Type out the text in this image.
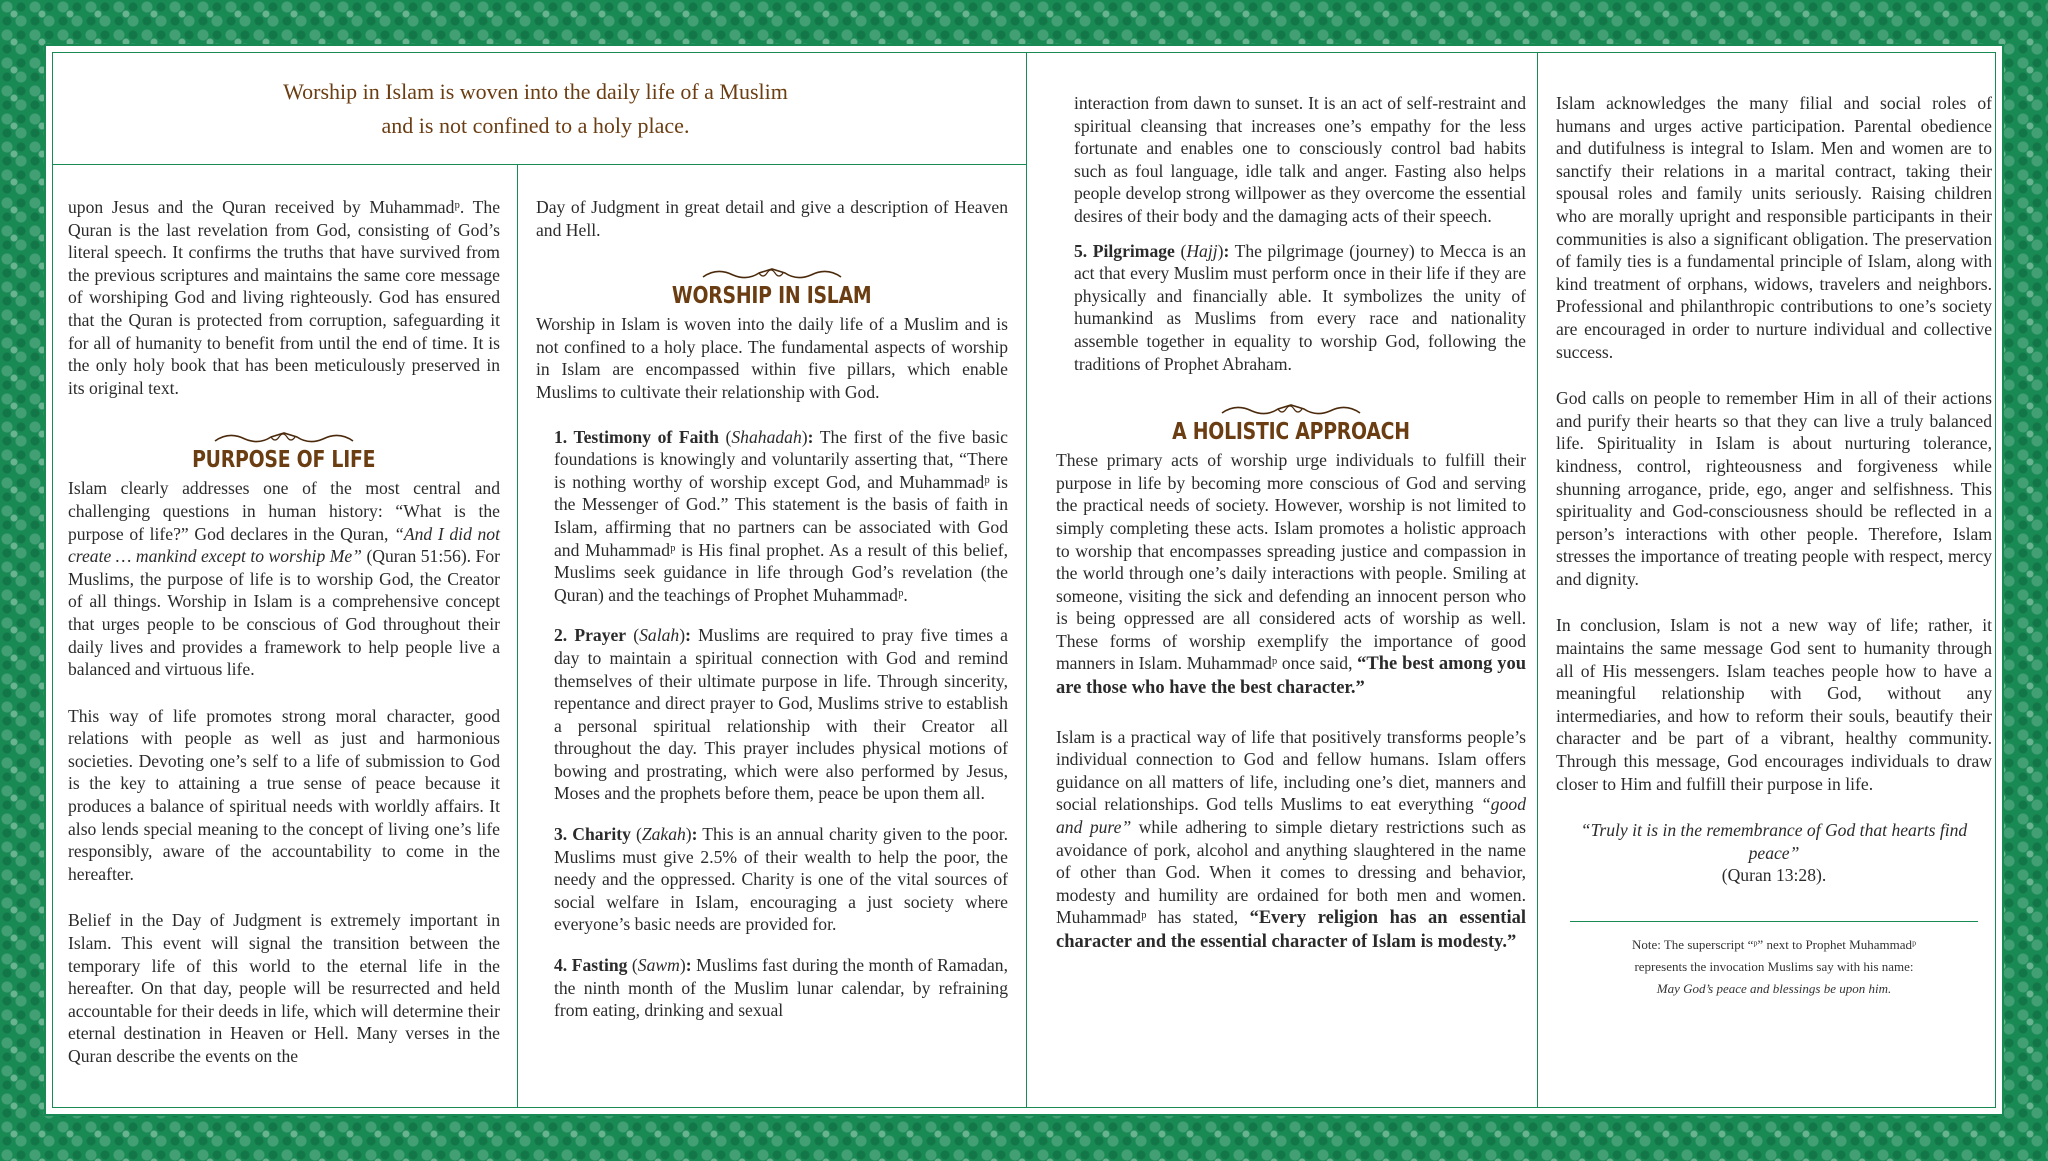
Worship in Islam is woven into the daily life of a Muslim and is not confined to a holy place.

upon Jesus and the Quran received by Muhammadᵖ. The Quran is the last revelation from God, consisting of God’s literal speech. It confirms the truths that have survived from the previous scriptures and maintains the same core message of worshiping God and living righteously. God has ensured that the Quran is protected from corruption, safeguarding it for all of humanity to benefit from until the end of time. It is the only holy book that has been meticulously preserved in its original text.

PURPOSE OF LIFE

Islam clearly addresses one of the most central and challenging questions in human history: “What is the purpose of life?” God declares in the Quran, “And I did not create … mankind except to worship Me” (Quran 51:56). For Muslims, the purpose of life is to worship God, the Creator of all things. Worship in Islam is a comprehensive concept that urges people to be conscious of God throughout their daily lives and provides a framework to help people live a balanced and virtuous life.

This way of life promotes strong moral character, good relations with people as well as just and harmonious societies. Devoting one’s self to a life of submission to God is the key to attaining a true sense of peace because it produces a balance of spiritual needs with worldly affairs. It also lends special meaning to the concept of living one’s life responsibly, aware of the accountability to come in the hereafter.

Belief in the Day of Judgment is extremely important in Islam. This event will signal the transition between the temporary life of this world to the eternal life in the hereafter. On that day, people will be resurrected and held accountable for their deeds in life, which will determine their eternal destination in Heaven or Hell. Many verses in the Quran describe the events on the

Day of Judgment in great detail and give a description of Heaven and Hell.

WORSHIP IN ISLAM

Worship in Islam is woven into the daily life of a Muslim and is not confined to a holy place. The fundamental aspects of worship in Islam are encompassed within five pillars, which enable Muslims to cultivate their relationship with God.

1. Testimony of Faith (Shahadah): The first of the five basic foundations is knowingly and voluntarily asserting that, “There is nothing worthy of worship except God, and Muhammadᵖ is the Messenger of God.” This statement is the basis of faith in Islam, affirming that no partners can be associated with God and Muhammadᵖ is His final prophet. As a result of this belief, Muslims seek guidance in life through God’s revelation (the Quran) and the teachings of Prophet Muhammadᵖ.

2. Prayer (Salah): Muslims are required to pray five times a day to maintain a spiritual connection with God and remind themselves of their ultimate purpose in life. Through sincerity, repentance and direct prayer to God, Muslims strive to establish a personal spiritual relationship with their Creator all throughout the day. This prayer includes physical motions of bowing and prostrating, which were also performed by Jesus, Moses and the prophets before them, peace be upon them all.

3. Charity (Zakah): This is an annual charity given to the poor. Muslims must give 2.5% of their wealth to help the poor, the needy and the oppressed. Charity is one of the vital sources of social welfare in Islam, encouraging a just society where everyone’s basic needs are provided for.

4. Fasting (Sawm): Muslims fast during the month of Ramadan, the ninth month of the Muslim lunar calendar, by refraining from eating, drinking and sexual

interaction from dawn to sunset. It is an act of self-restraint and spiritual cleansing that increases one’s empathy for the less fortunate and enables one to consciously control bad habits such as foul language, idle talk and anger. Fasting also helps people develop strong willpower as they overcome the essential desires of their body and the damaging acts of their speech.

5. Pilgrimage (Hajj): The pilgrimage (journey) to Mecca is an act that every Muslim must perform once in their life if they are physically and financially able. It symbolizes the unity of humankind as Muslims from every race and nationality assemble together in equality to worship God, following the traditions of Prophet Abraham.

A HOLISTIC APPROACH

These primary acts of worship urge individuals to fulfill their purpose in life by becoming more conscious of God and serving the practical needs of society. However, worship is not limited to simply completing these acts. Islam promotes a holistic approach to worship that encompasses spreading justice and compassion in the world through one’s daily interactions with people. Smiling at someone, visiting the sick and defending an innocent person who is being oppressed are all considered acts of worship as well. These forms of worship exemplify the importance of good manners in Islam. Muhammadᵖ once said, “The best among you are those who have the best character.”

Islam is a practical way of life that positively transforms people’s individual connection to God and fellow humans. Islam offers guidance on all matters of life, including one’s diet, manners and social relationships. God tells Muslims to eat everything “good and pure” while adhering to simple dietary restrictions such as avoidance of pork, alcohol and anything slaughtered in the name of other than God. When it comes to dressing and behavior, modesty and humility are ordained for both men and women. Muhammadᵖ has stated, “Every religion has an essential character and the essential character of Islam is modesty.”

Islam acknowledges the many filial and social roles of humans and urges active participation. Parental obedience and dutifulness is integral to Islam. Men and women are to sanctify their relations in a marital contract, taking their spousal roles and family units seriously. Raising children who are morally upright and responsible participants in their communities is also a significant obligation. The preservation of family ties is a fundamental principle of Islam, along with kind treatment of orphans, widows, travelers and neighbors. Professional and philanthropic contributions to one’s society are encouraged in order to nurture individual and collective success.

God calls on people to remember Him in all of their actions and purify their hearts so that they can live a truly balanced life. Spirituality in Islam is about nurturing tolerance, kindness, control, righteousness and forgiveness while shunning arrogance, pride, ego, anger and selfishness. This spirituality and God-consciousness should be reflected in a person’s interactions with other people. Therefore, Islam stresses the importance of treating people with respect, mercy and dignity.

In conclusion, Islam is not a new way of life; rather, it maintains the same message God sent to humanity through all of His messengers. Islam teaches people how to have a meaningful relationship with God, without any intermediaries, and how to reform their souls, beautify their character and be part of a vibrant, healthy community. Through this message, God encourages individuals to draw closer to Him and fulfill their purpose in life.

“Truly it is in the remembrance of God that hearts find peace”
(Quran 13:28).
Note: The superscript “ᵖ” next to Prophet Muhammadᵖ
represents the invocation Muslims say with his name:
May God’s peace and blessings be upon him.
